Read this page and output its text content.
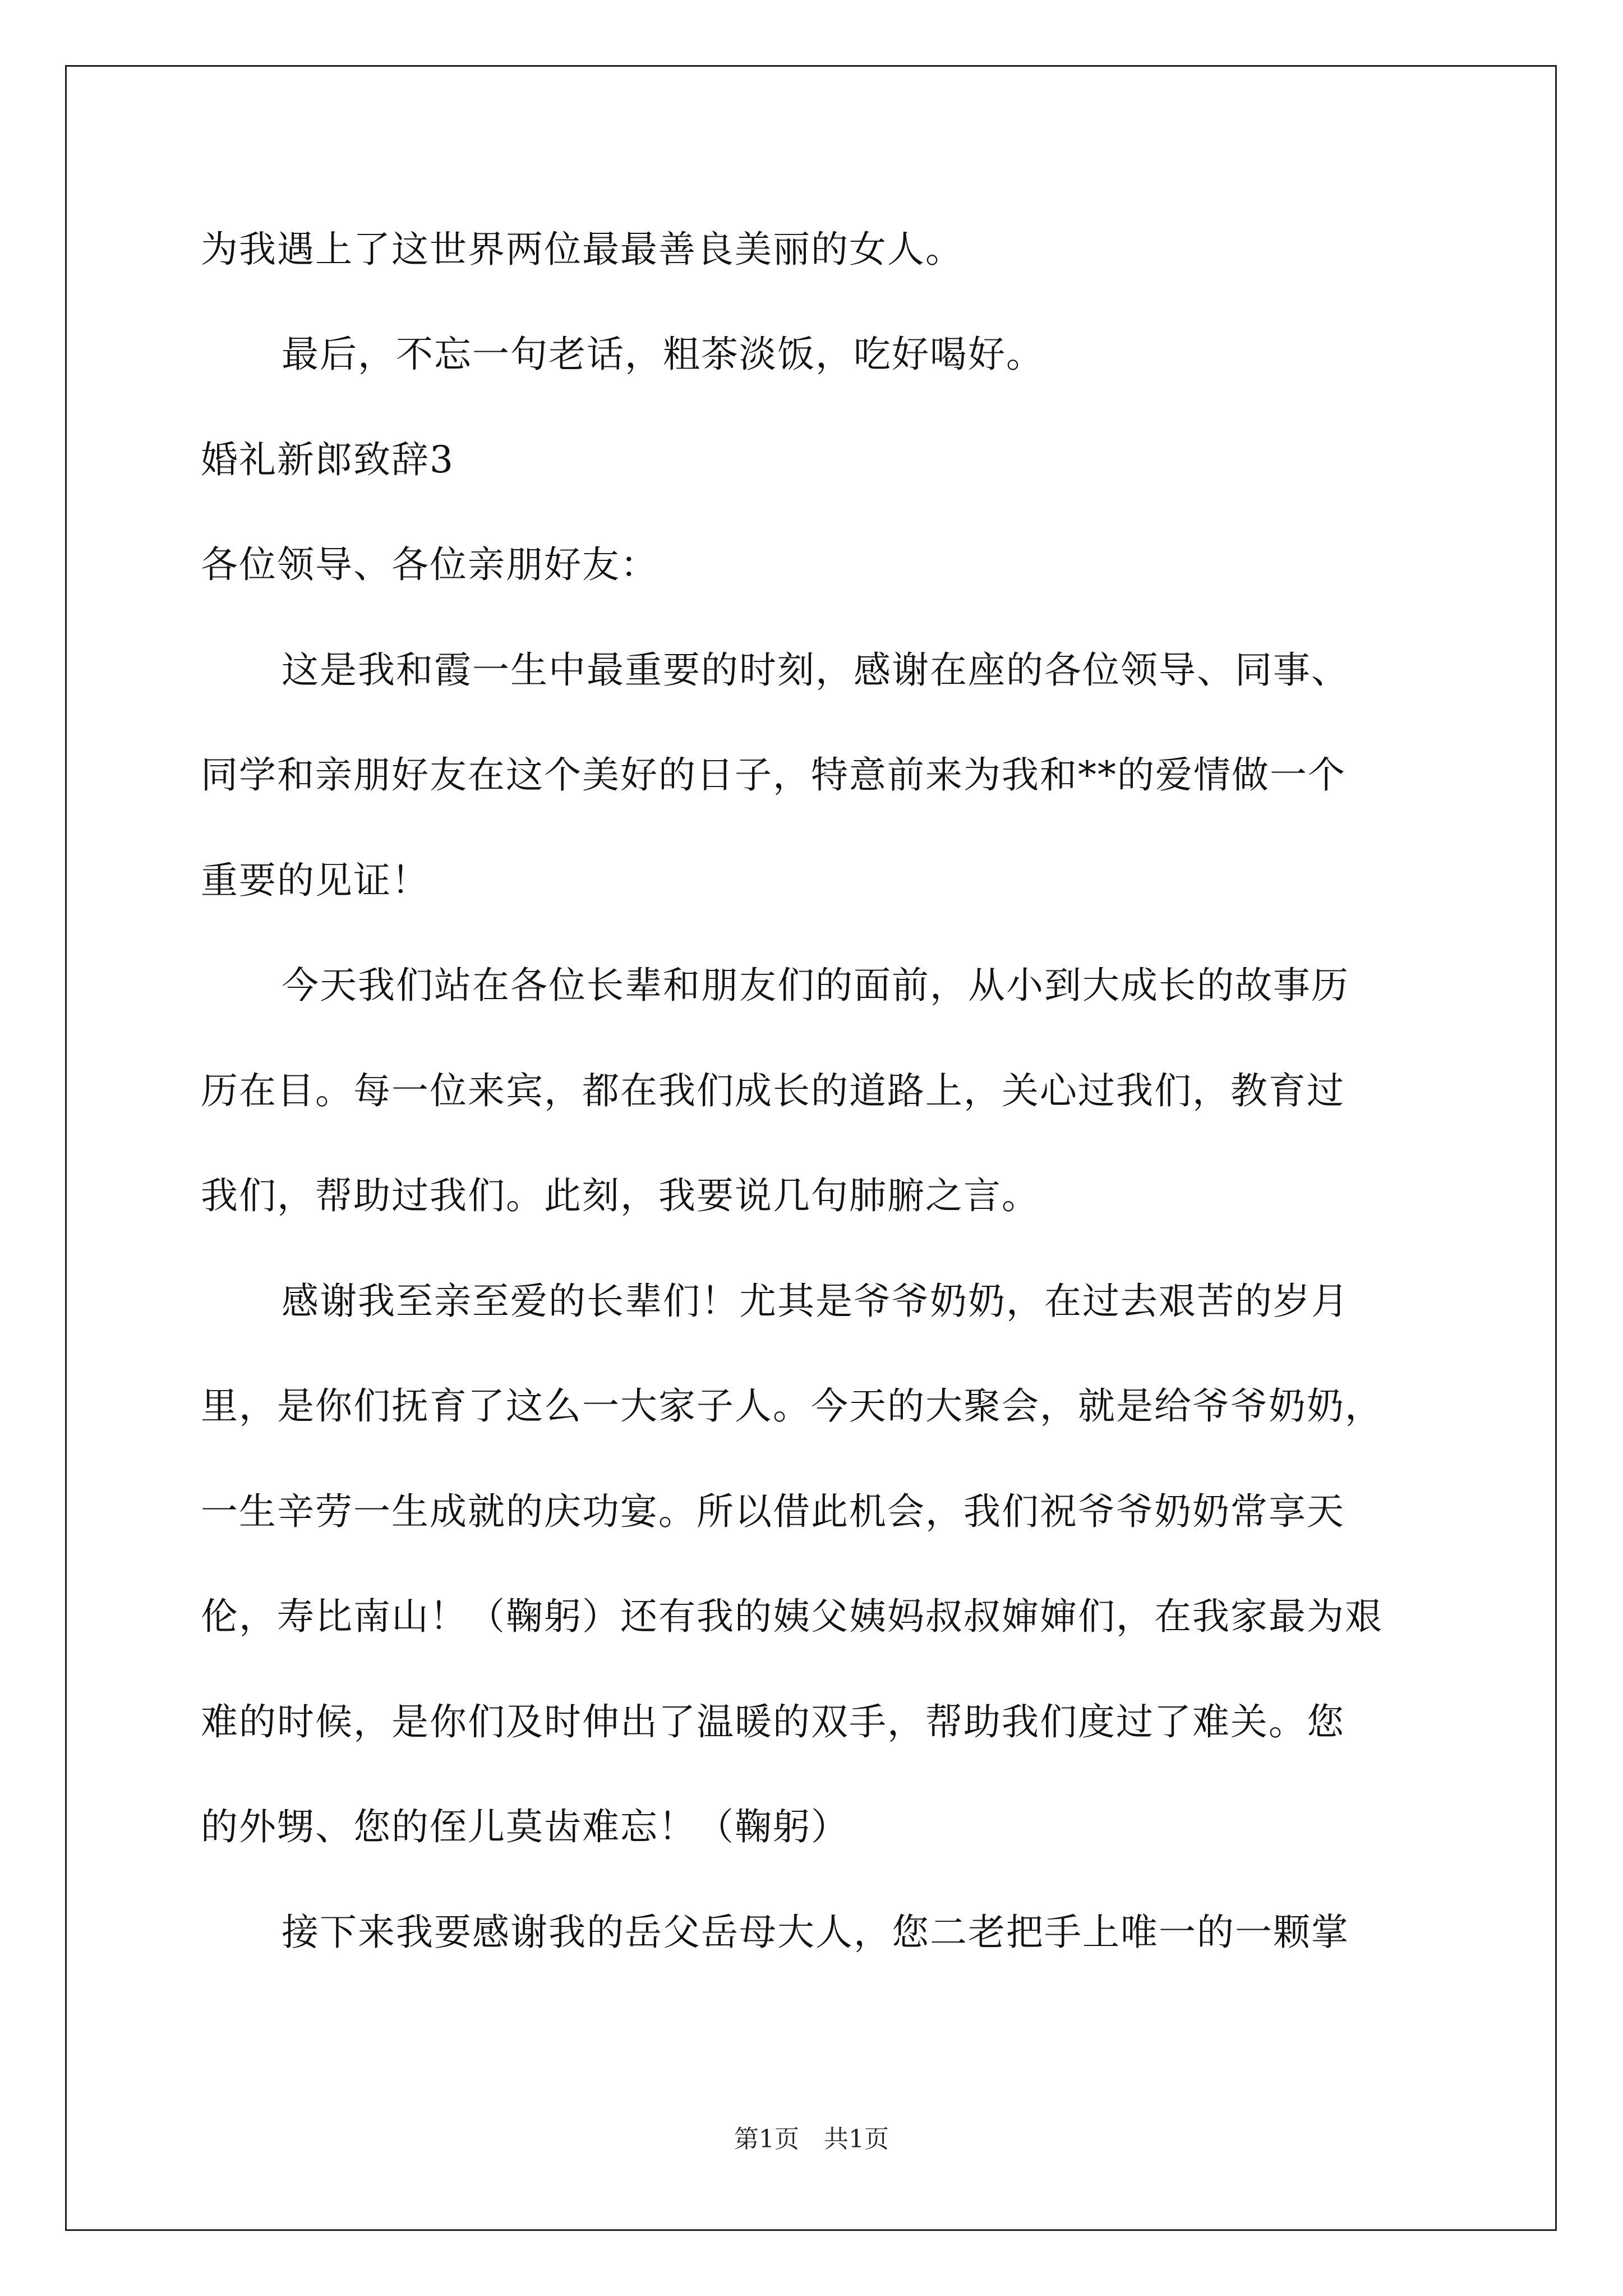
为我遇上了这世界两位最最善良美丽的女人。
最后，不忘一句老话，粗茶淡饭，吃好喝好。
婚礼新郎致辞3
各位领导、各位亲朋好友：
这是我和霞一生中最重要的时刻，感谢在座的各位领导、同事、
同学和亲朋好友在这个美好的日子，特意前来为我和**的爱情做一个
重要的见证！
今天我们站在各位长辈和朋友们的面前，从小到大成长的故事历
历在目。每一位来宾，都在我们成长的道路上，关心过我们，教育过
我们，帮助过我们。此刻，我要说几句肺腑之言。
感谢我至亲至爱的长辈们！尤其是爷爷奶奶，在过去艰苦的岁月
里，是你们抚育了这么一大家子人。今天的大聚会，就是给爷爷奶奶，
一生辛劳一生成就的庆功宴。所以借此机会，我们祝爷爷奶奶常享天
伦，寿比南山！（鞠躬）还有我的姨父姨妈叔叔婶婶们，在我家最为艰
难的时候，是你们及时伸出了温暖的双手，帮助我们度过了难关。您
的外甥、您的侄儿莫齿难忘！（鞠躬）
接下来我要感谢我的岳父岳母大人，您二老把手上唯一的一颗掌
第1页　共1页
